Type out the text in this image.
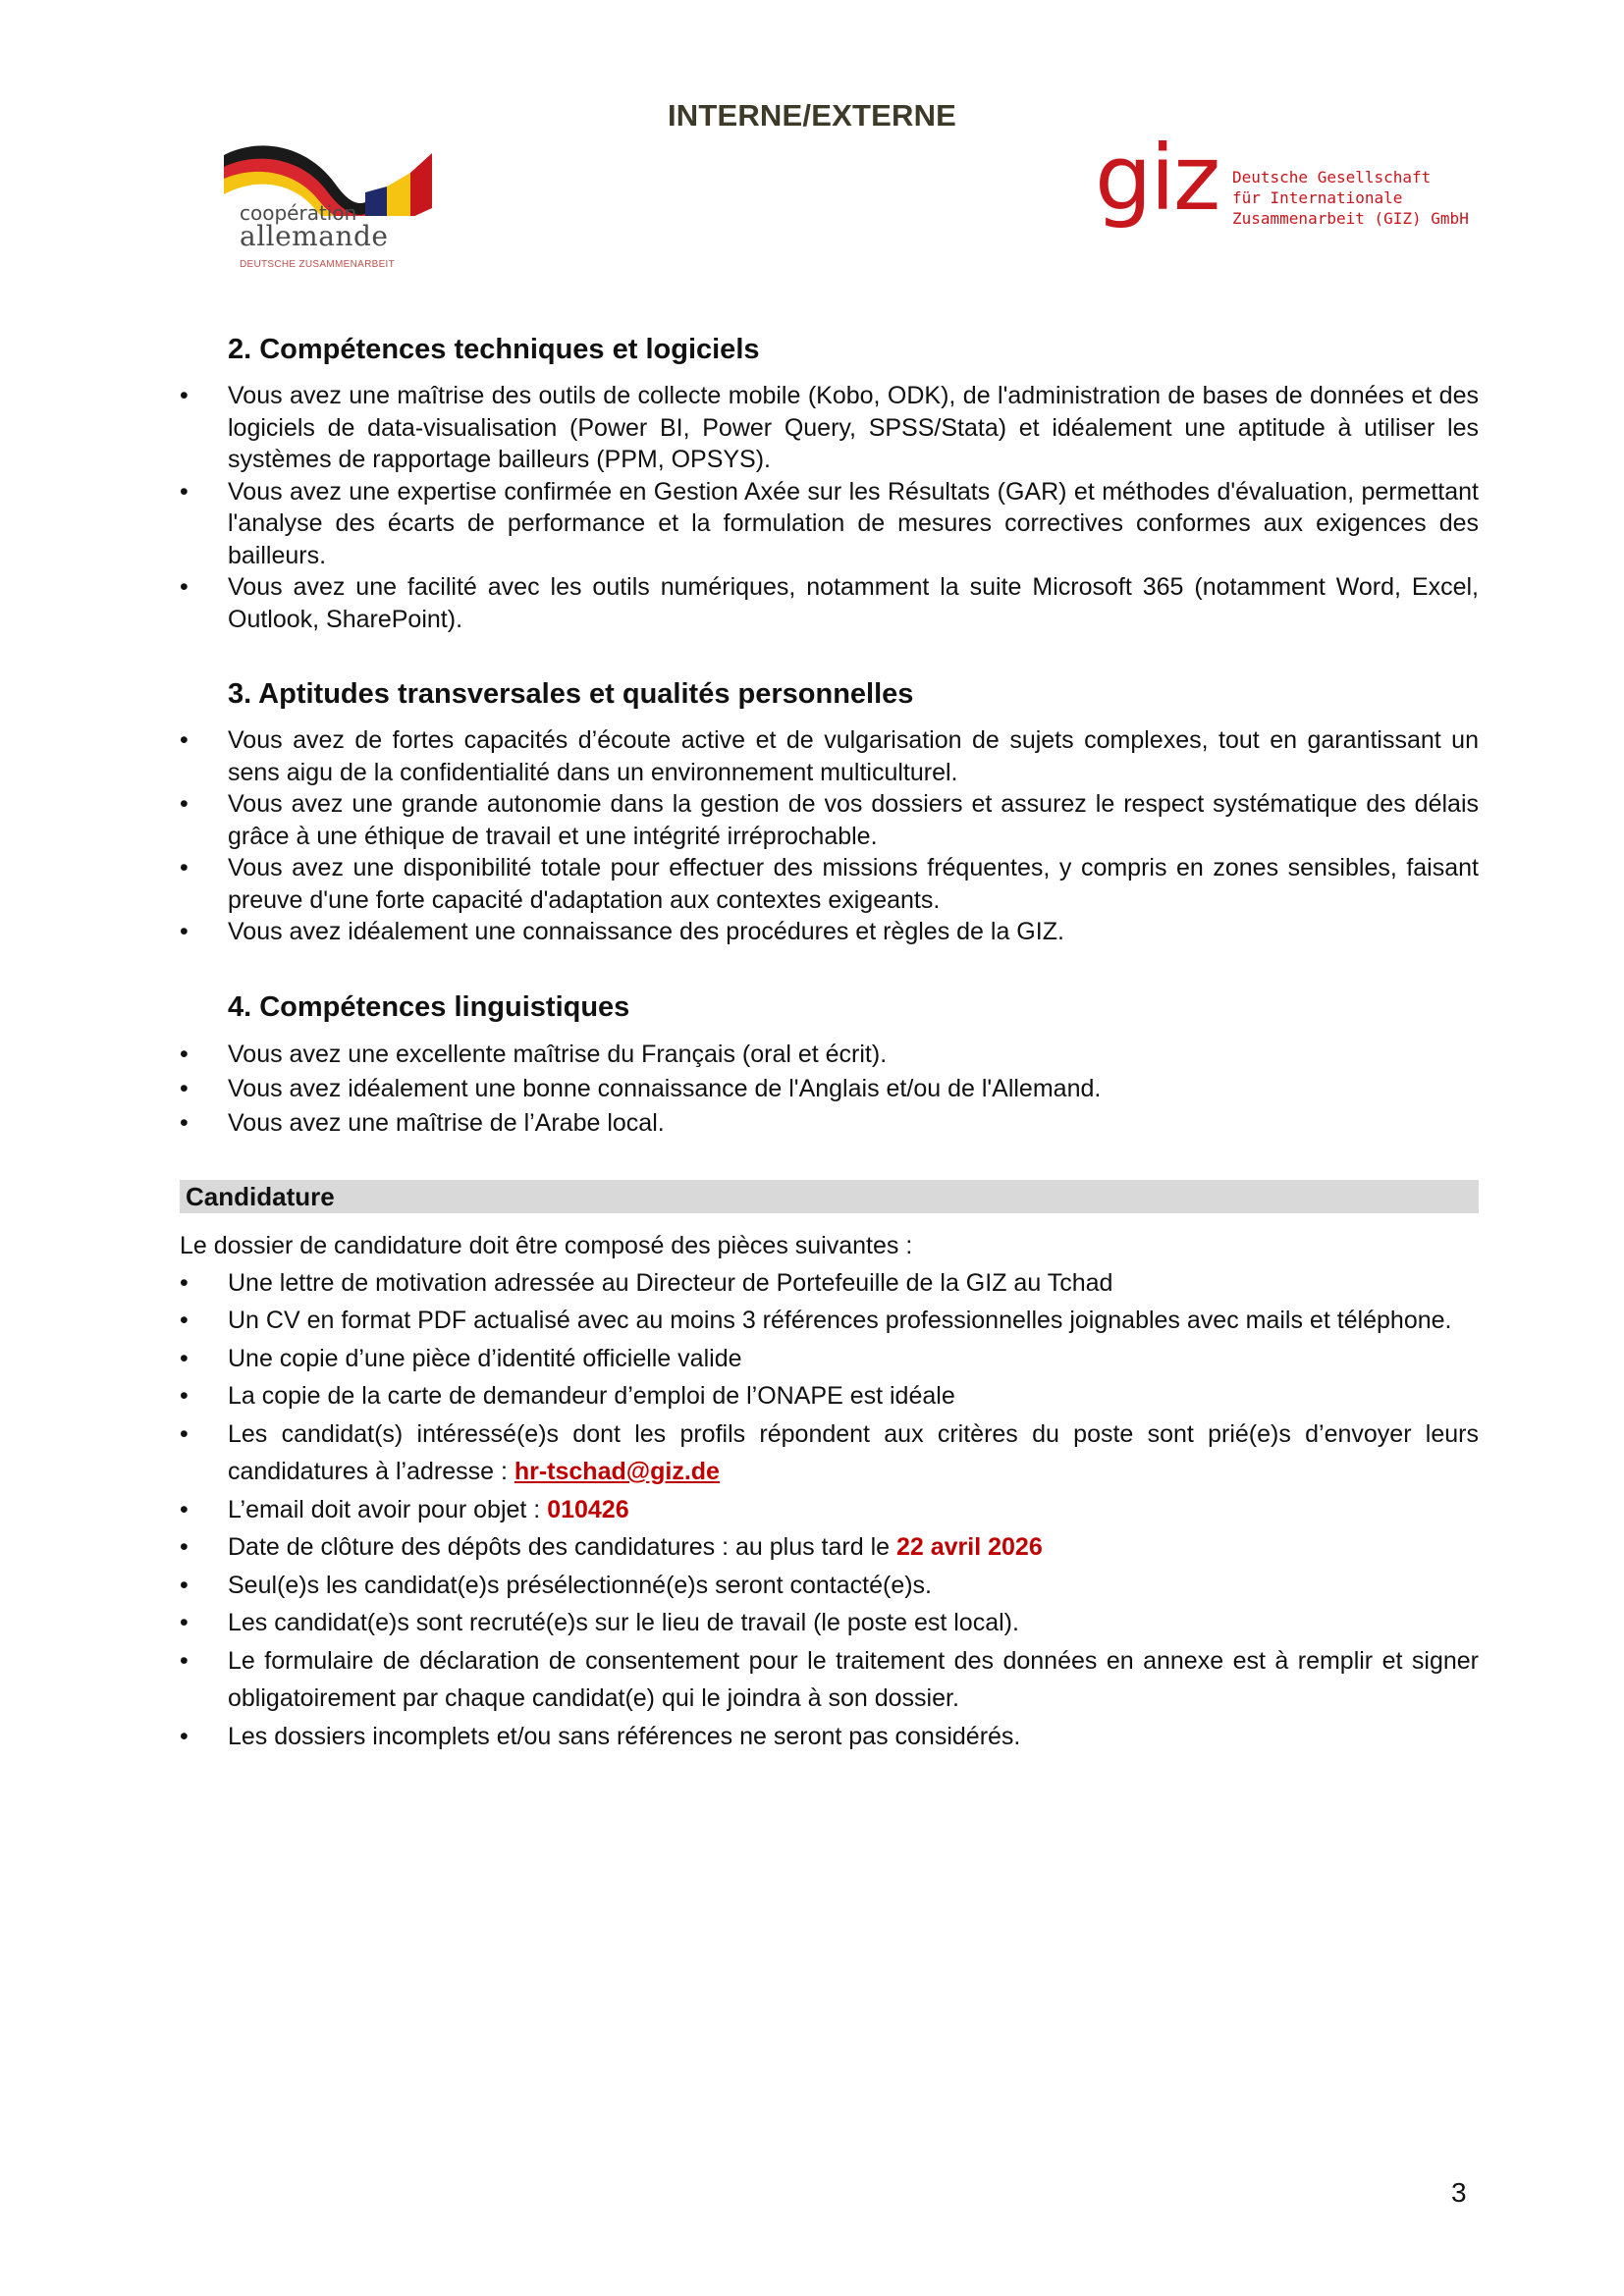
INTERNE/EXTERNE
coopération
allemande
DEUTSCHE ZUSAMMENARBEIT
giz Deutsche Gesellschaft
für Internationale
Zusammenarbeit (GIZ) GmbH
2. Compétences techniques et logiciels
•	Vous avez une maîtrise des outils de collecte mobile (Kobo, ODK), de l'administration de bases de données et des logiciels de data-visualisation (Power BI, Power Query, SPSS/Stata) et idéalement une aptitude à utiliser les systèmes de rapportage bailleurs (PPM, OPSYS).
•	Vous avez une expertise confirmée en Gestion Axée sur les Résultats (GAR) et méthodes d'évaluation, permettant l'analyse des écarts de performance et la formulation de mesures correctives conformes aux exigences des bailleurs.
•	Vous avez une facilité avec les outils numériques, notamment la suite Microsoft 365 (notamment Word, Excel, Outlook, SharePoint).
3. Aptitudes transversales et qualités personnelles
•	Vous avez de fortes capacités d’écoute active et de vulgarisation de sujets complexes, tout en garantissant un sens aigu de la confidentialité dans un environnement multiculturel.
•	Vous avez une grande autonomie dans la gestion de vos dossiers et assurez le respect systématique des délais grâce à une éthique de travail et une intégrité irréprochable.
•	Vous avez une disponibilité totale pour effectuer des missions fréquentes, y compris en zones sensibles, faisant preuve d'une forte capacité d'adaptation aux contextes exigeants.
•	Vous avez idéalement une connaissance des procédures et règles de la GIZ.
4. Compétences linguistiques
•	Vous avez une excellente maîtrise du Français (oral et écrit).
•	Vous avez idéalement une bonne connaissance de l'Anglais et/ou de l'Allemand.
•	Vous avez une maîtrise de l’Arabe local.
Candidature
Le dossier de candidature doit être composé des pièces suivantes :
•	Une lettre de motivation adressée au Directeur de Portefeuille de la GIZ au Tchad
•	Un CV en format PDF actualisé avec au moins 3 références professionnelles joignables avec mails et téléphone.
•	Une copie d’une pièce d’identité officielle valide
•	La copie de la carte de demandeur d’emploi de l’ONAPE est idéale
•	Les candidat(s) intéressé(e)s dont les profils répondent aux critères du poste sont prié(e)s d’envoyer leurs candidatures à l’adresse : hr-tschad@giz.de
•	L’email doit avoir pour objet : 010426
•	Date de clôture des dépôts des candidatures : au plus tard le 22 avril 2026
•	Seul(e)s les candidat(e)s présélectionné(e)s seront contacté(e)s.
•	Les candidat(e)s sont recruté(e)s sur le lieu de travail (le poste est local).
•	Le formulaire de déclaration de consentement pour le traitement des données en annexe est à remplir et signer obligatoirement par chaque candidat(e) qui le joindra à son dossier.
•	Les dossiers incomplets et/ou sans références ne seront pas considérés.
3
